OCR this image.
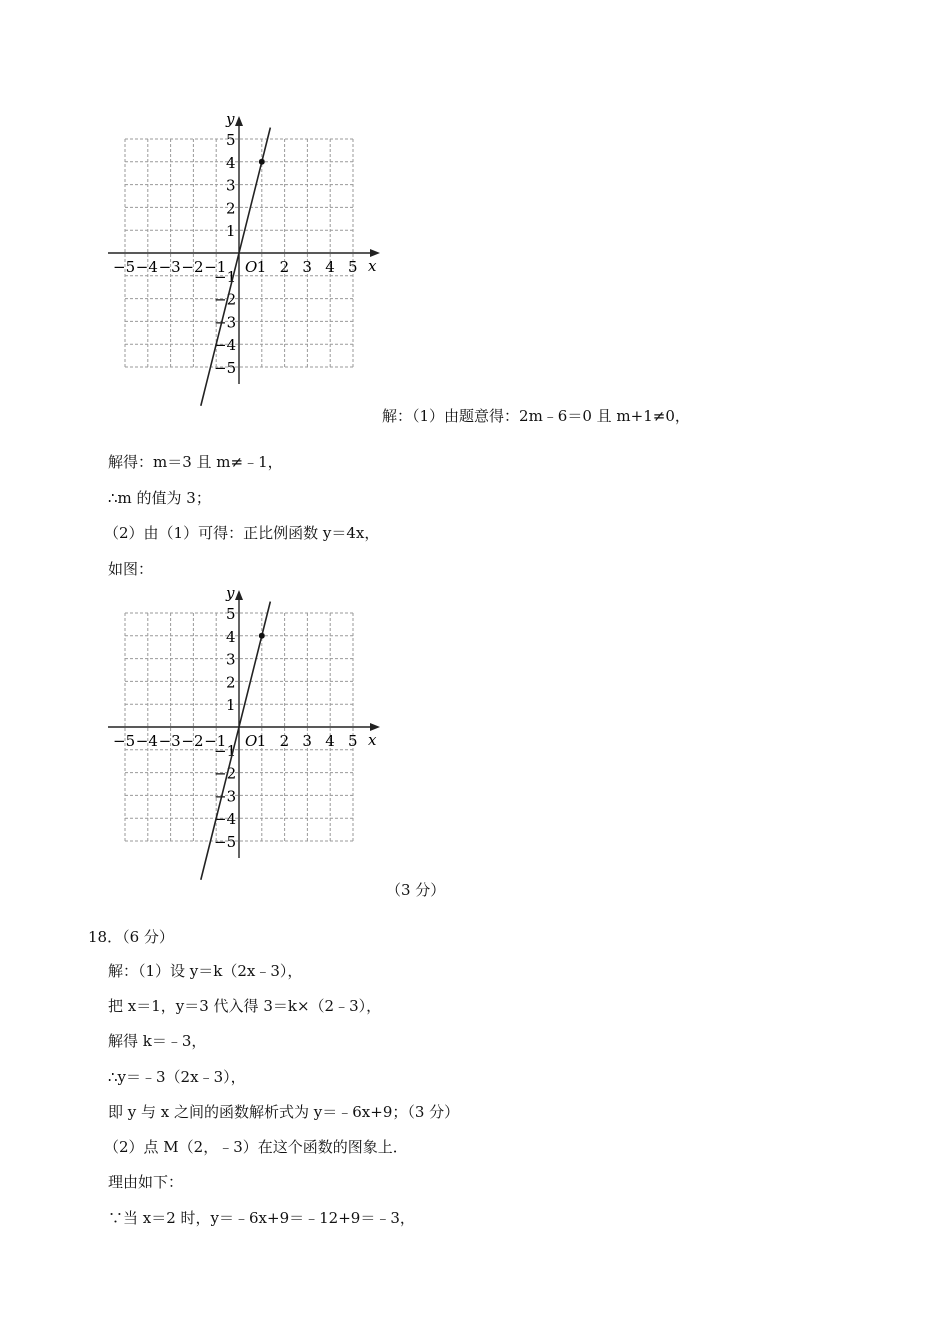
x
y
O
−5 −4 −3 −2 −1 1 2 3 4 5
5
4
3
2
1
−1
−2
−3
−4
−5
解：（1）由题意得：2m﹣6＝0 且 m+1≠0，
解得：m＝3 且 m≠﹣1，
∴m 的值为 3；
（2）由（1）可得：正比例函数 y＝4x，
如图：
x
y
O
−5 −4 −3 −2 −1 1 2 3 4 5
5
4
3
2
1
−1
−2
−3
−4
−5
（3 分）
18．（6 分）
解：（1）设 y＝k（2x﹣3），
把 x＝1，y＝3 代入得 3＝k×（2﹣3），
解得 k＝﹣3，
∴y＝﹣3（2x﹣3），
即 y 与 x 之间的函数解析式为 y＝﹣6x+9；（3 分）
（2）点 M（2，﹣3）在这个函数的图象上．
理由如下：
∵当 x＝2 时，y＝﹣6x+9＝﹣12+9＝﹣3，
